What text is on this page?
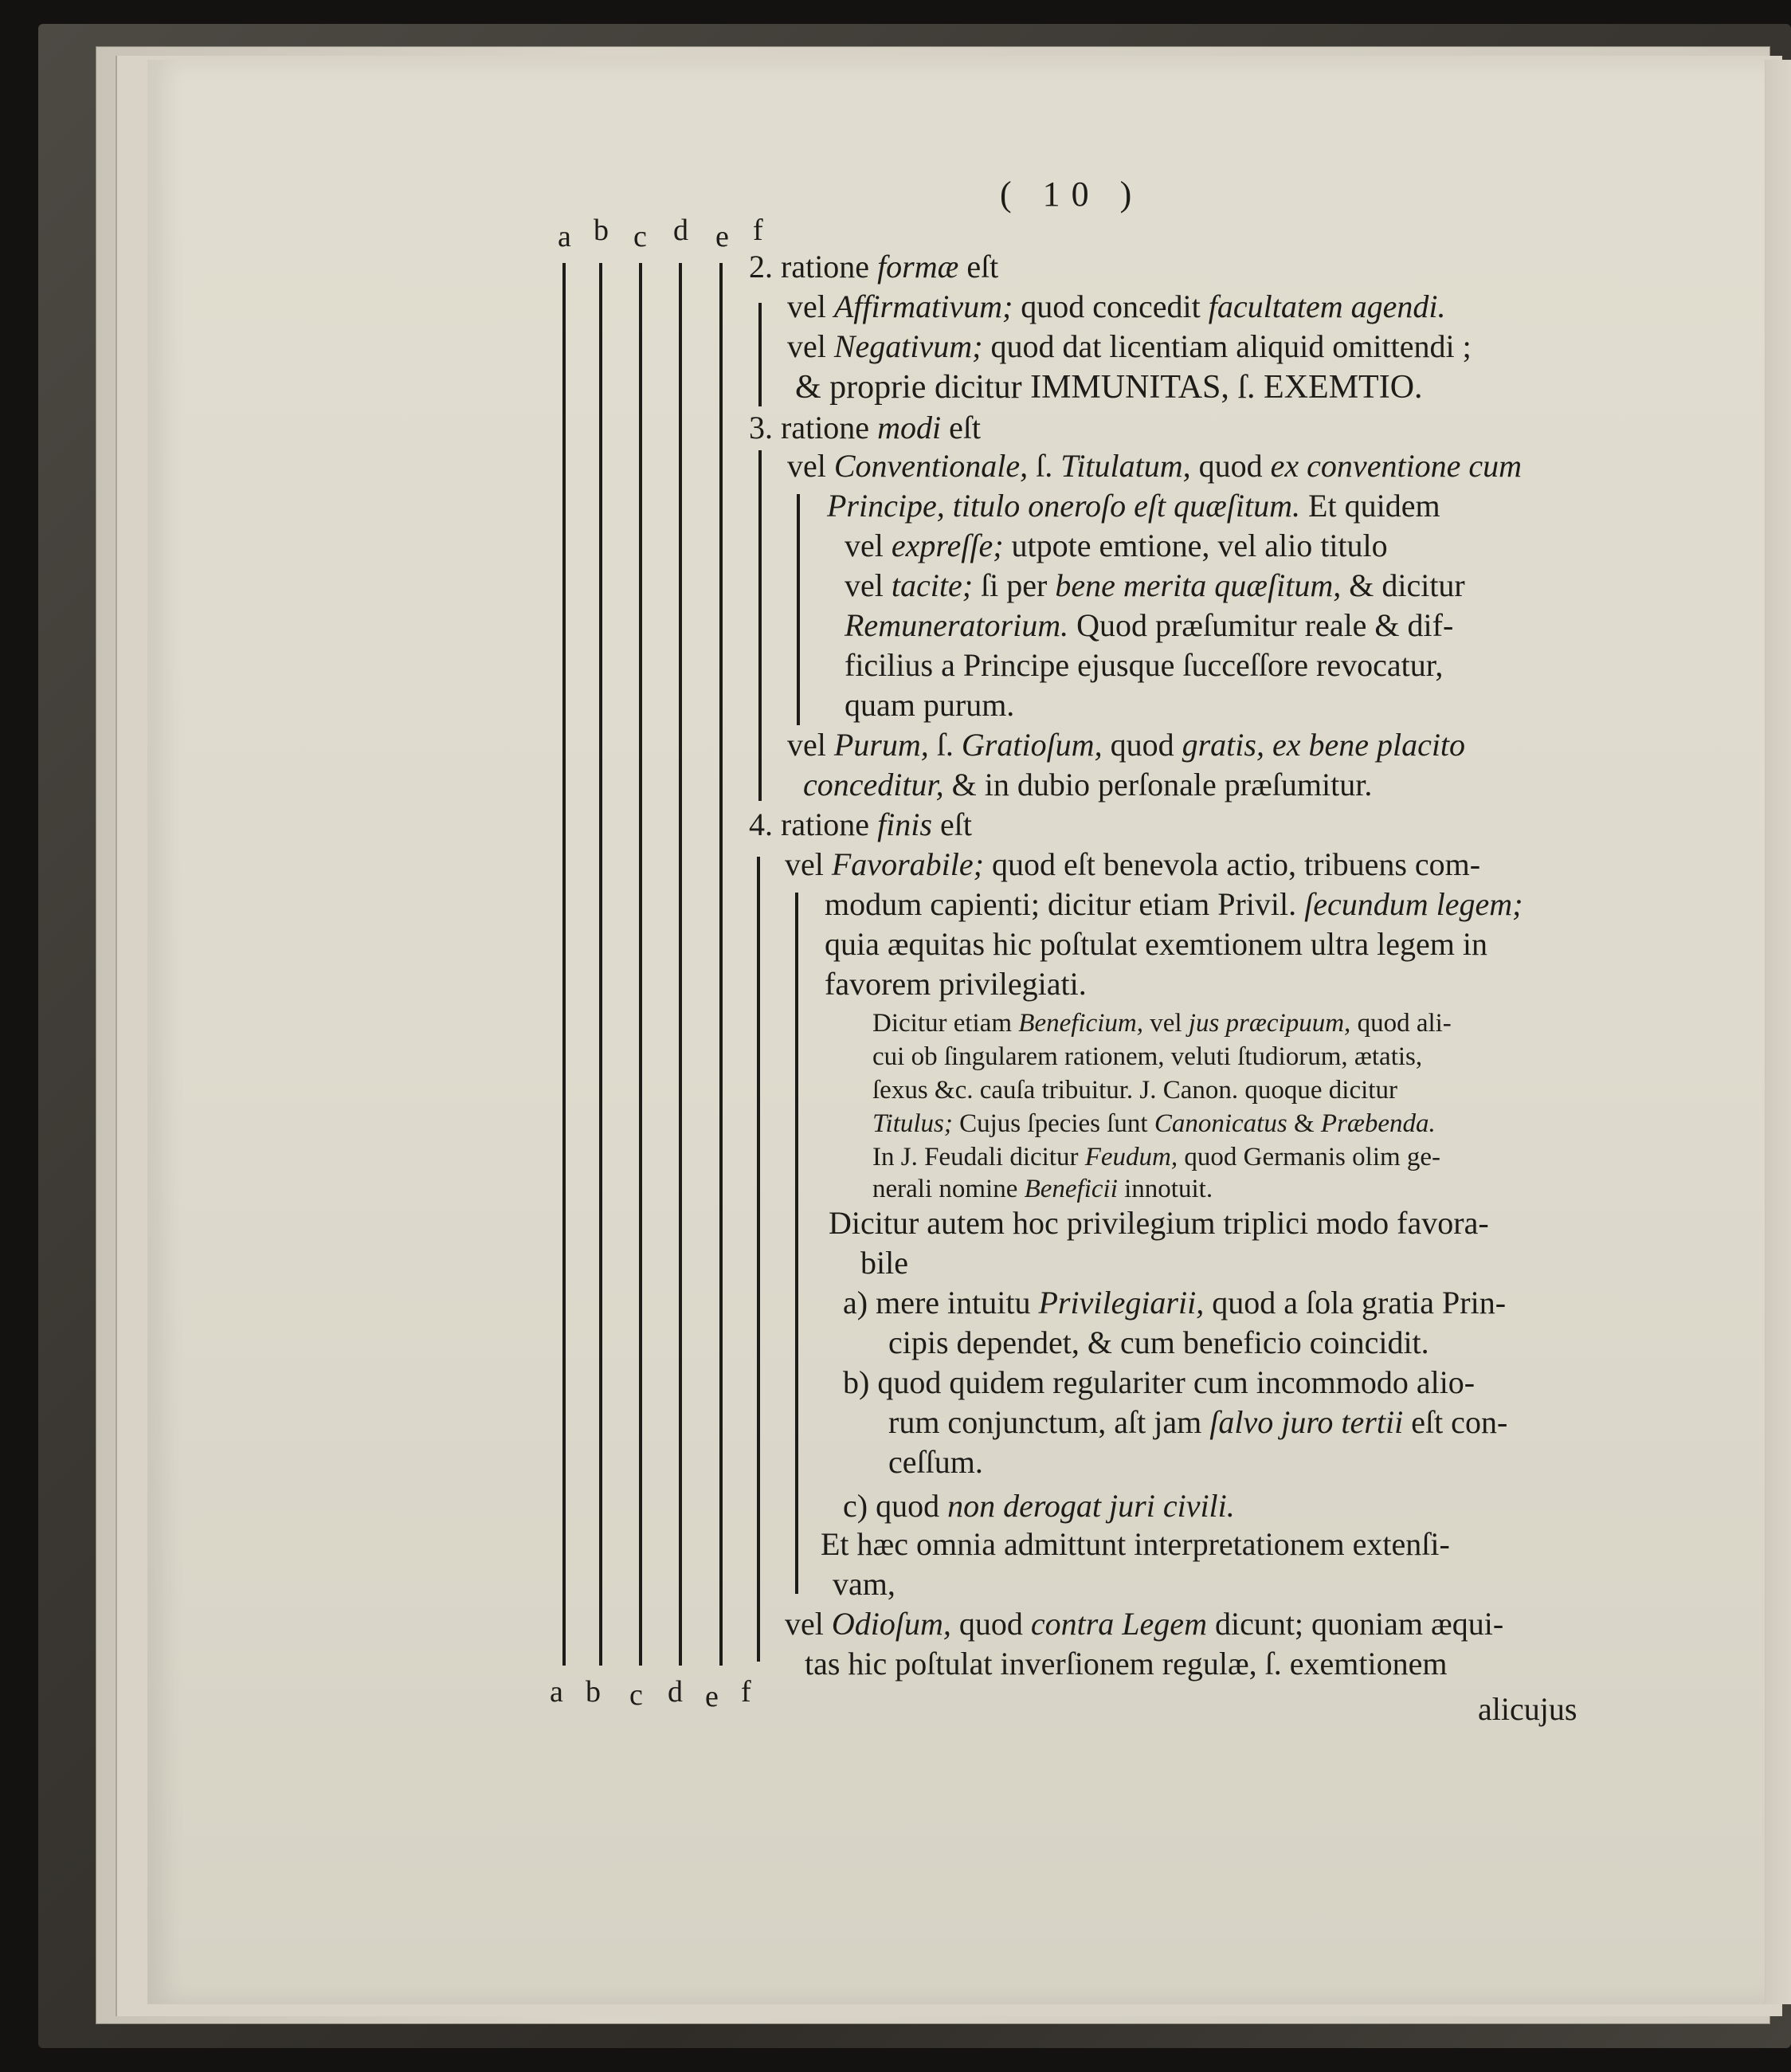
( 10 )
a b c d e f
a b c d e f
2. ratione formæ eſt
vel Affirmativum; quod concedit facultatem agendi.
vel Negativum; quod dat licentiam aliquid omittendi ;
& proprie dicitur IMMUNITAS, ſ. EXEMTIO.
3. ratione modi eſt
vel Conventionale, ſ. Titulatum, quod ex conventione cum
Principe, titulo oneroſo eſt quæſitum. Et quidem
vel expreſſe; utpote emtione, vel alio titulo
vel tacite; ſi per bene merita quæſitum, & dicitur
Remuneratorium. Quod præſumitur reale & dif-
ficilius a Principe ejusque ſucceſſore revocatur,
quam purum.
vel Purum, ſ. Gratioſum, quod gratis, ex bene placito
conceditur, & in dubio perſonale præſumitur.
4. ratione finis eſt
vel Favorabile; quod eſt benevola actio, tribuens com-
modum capienti; dicitur etiam Privil. ſecundum legem;
quia æquitas hic poſtulat exemtionem ultra legem in
favorem privilegiati.
Dicitur etiam Beneficium, vel jus præcipuum, quod ali-
cui ob ſingularem rationem, veluti ſtudiorum, ætatis,
ſexus &c. cauſa tribuitur. J. Canon. quoque dicitur
Titulus; Cujus ſpecies ſunt Canonicatus & Præbenda.
In J. Feudali dicitur Feudum, quod Germanis olim ge-
nerali nomine Beneficii innotuit.
Dicitur autem hoc privilegium triplici modo favora-
bile
a) mere intuitu Privilegiarii, quod a ſola gratia Prin-
cipis dependet, & cum beneficio coincidit.
b) quod quidem regulariter cum incommodo alio-
rum conjunctum, aſt jam ſalvo juro tertii eſt con-
ceſſum.
c) quod non derogat juri civili.
Et hæc omnia admittunt interpretationem extenſi-
vam,
vel Odioſum, quod contra Legem dicunt; quoniam æqui-
tas hic poſtulat inverſionem regulæ, ſ. exemtionem
alicujus
